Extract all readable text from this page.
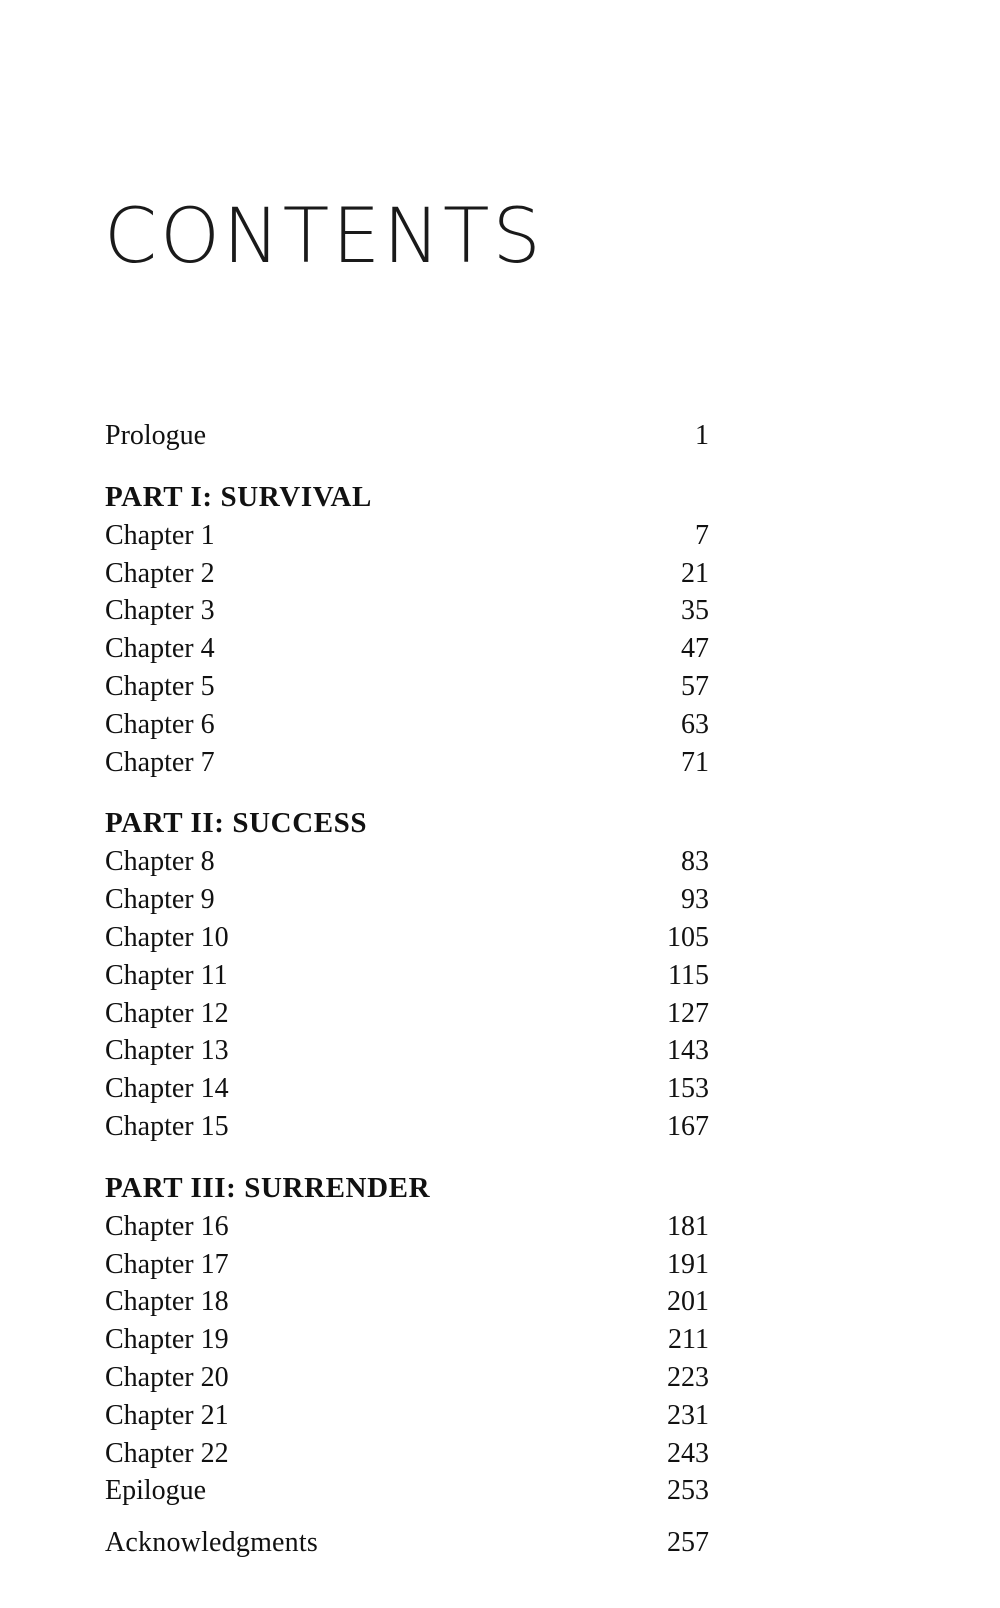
CONTENTS
Prologue	1
PART I: SURVIVAL
Chapter 1	7
Chapter 2	21
Chapter 3	35
Chapter 4	47
Chapter 5	57
Chapter 6	63
Chapter 7	71
PART II: SUCCESS
Chapter 8	83
Chapter 9	93
Chapter 10	105
Chapter 11	115
Chapter 12	127
Chapter 13	143
Chapter 14	153
Chapter 15	167
PART III: SURRENDER
Chapter 16	181
Chapter 17	191
Chapter 18	201
Chapter 19	211
Chapter 20	223
Chapter 21	231
Chapter 22	243
Epilogue	253
Acknowledgments	257
